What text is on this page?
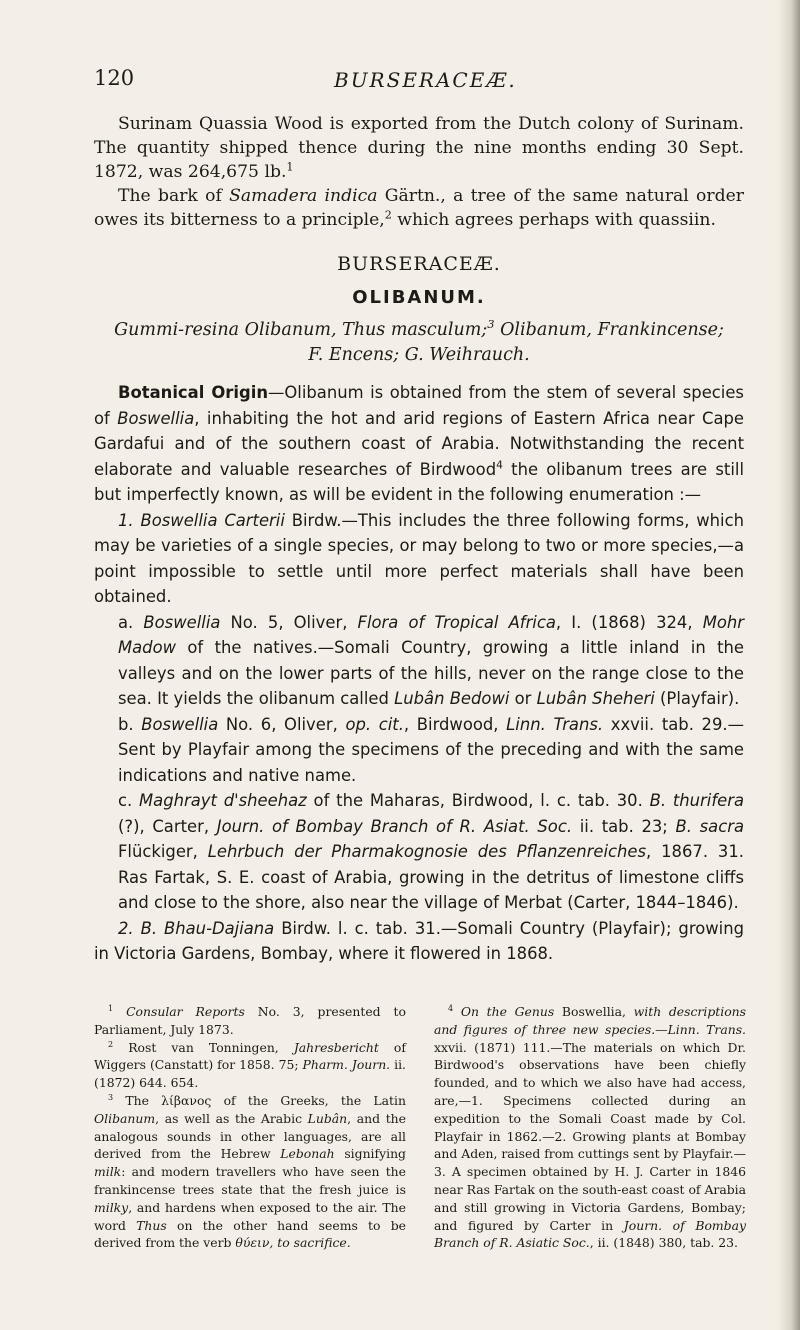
120	BURSERACEÆ.

Surinam Quassia Wood is exported from the Dutch colony of Surinam. The quantity shipped thence during the nine months ending 30 Sept. 1872, was 264,675 lb.$^1$

The bark of Samadera indica Gärtn., a tree of the same natural order owes its bitterness to a principle,$^2$ which agrees perhaps with quassiin.

BURSERACEÆ.
OLIBANUM.
Gummi-resina Olibanum, Thus masculum;$^3$ Olibanum, Frankincense;
F. Encens; G. Weihrauch.

Botanical Origin—Olibanum is obtained from the stem of several species of Boswellia, inhabiting the hot and arid regions of Eastern Africa near Cape Gardafui and of the southern coast of Arabia. Notwithstanding the recent elaborate and valuable researches of Birdwood$^4$ the olibanum trees are still but imperfectly known, as will be evident in the following enumeration :—

1. Boswellia Carterii Birdw.—This includes the three following forms, which may be varieties of a single species, or may belong to two or more species,—a point impossible to settle until more perfect materials shall have been obtained.

a. Boswellia No. 5, Oliver, Flora of Tropical Africa, I. (1868) 324, Mohr Madow of the natives.—Somali Country, growing a little inland in the valleys and on the lower parts of the hills, never on the range close to the sea. It yields the olibanum called Lubân Bedowi or Lubân Sheheri (Playfair).

b. Boswellia No. 6, Oliver, op. cit., Birdwood, Linn. Trans. xxvii. tab. 29.—Sent by Playfair among the specimens of the preceding and with the same indications and native name.

c. Maghrayt d'sheehaz of the Maharas, Birdwood, l. c. tab. 30. B. thurifera (?), Carter, Journ. of Bombay Branch of R. Asiat. Soc. ii. tab. 23; B. sacra Flückiger, Lehrbuch der Pharmakognosie des Pflanzenreiches, 1867. 31. Ras Fartak, S. E. coast of Arabia, growing in the detritus of limestone cliffs and close to the shore, also near the village of Merbat (Carter, 1844–1846).

2. B. Bhau-Dajiana Birdw. l. c. tab. 31.—Somali Country (Playfair); growing in Victoria Gardens, Bombay, where it flowered in 1868.

$^1$ Consular Reports No. 3, presented to Parliament, July 1873.

$^2$ Rost van Tonningen, Jahresbericht of Wiggers (Canstatt) for 1858. 75; Pharm. Journ. ii. (1872) 644. 654.

$^3$ The λίβανος of the Greeks, the Latin Olibanum, as well as the Arabic Lubân, and the analogous sounds in other languages, are all derived from the Hebrew Lebonah signifying milk: and modern travellers who have seen the frankincense trees state that the fresh juice is milky, and hardens when exposed to the air. The word Thus on the other hand seems to be derived from the verb θύειν, to sacrifice.

$^4$ On the Genus Boswellia, with descriptions and figures of three new species.—Linn. Trans. xxvii. (1871) 111.—The materials on which Dr. Birdwood's observations have been chiefly founded, and to which we also have had access, are,—1. Specimens collected during an expedition to the Somali Coast made by Col. Playfair in 1862.—2. Growing plants at Bombay and Aden, raised from cuttings sent by Playfair.—3. A specimen obtained by H. J. Carter in 1846 near Ras Fartak on the south-east coast of Arabia and still growing in Victoria Gardens, Bombay; and figured by Carter in Journ. of Bombay Branch of R. Asiatic Soc., ii. (1848) 380, tab. 23.
